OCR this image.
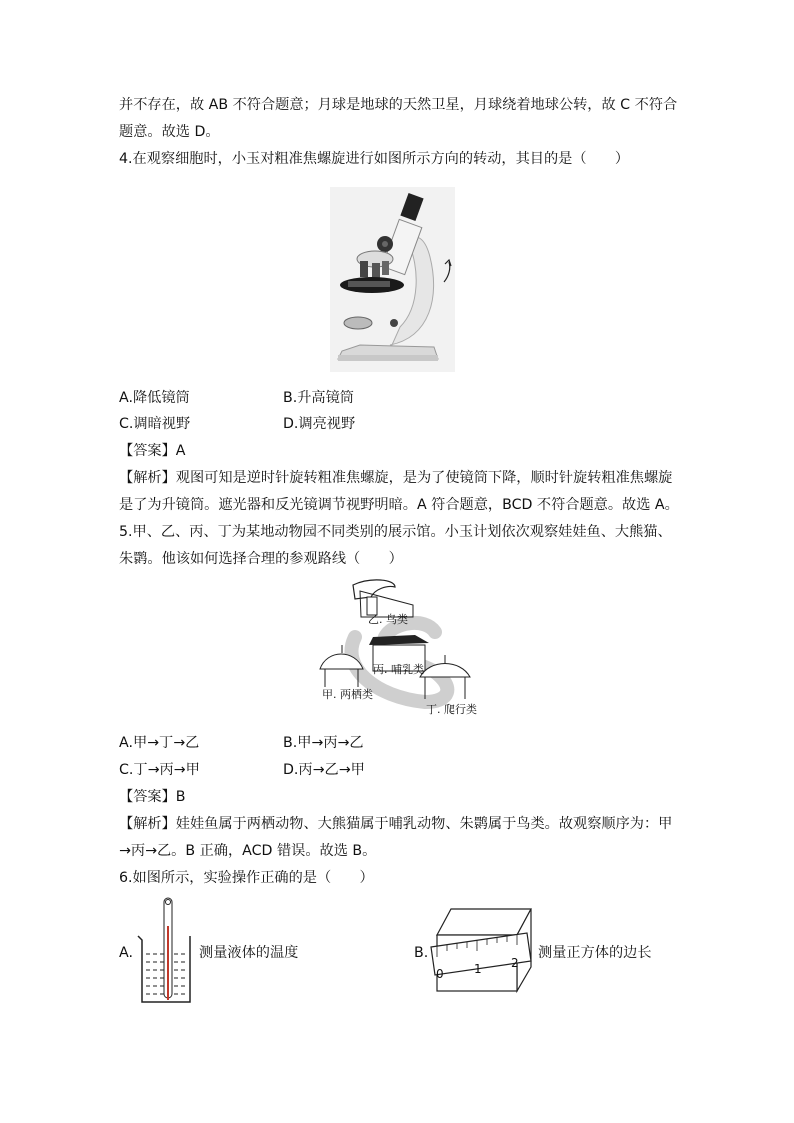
并不存在，故 AB 不符合题意；月球是地球的天然卫星，月球绕着地球公转，故 C 不符合
题意。故选 D。
4.在观察细胞时，小玉对粗准焦螺旋进行如图所示方向的转动，其目的是（　　）
A.降低镜筒	B.升高镜筒
C.调暗视野	D.调亮视野
【答案】A
【解析】观图可知是逆时针旋转粗准焦螺旋，是为了使镜筒下降，顺时针旋转粗准焦螺旋
是了为升镜筒。遮光器和反光镜调节视野明暗。A 符合题意，BCD 不符合题意。故选 A。
5.甲、乙、丙、丁为某地动物园不同类别的展示馆。小玉计划依次观察娃娃鱼、大熊猫、
朱鹮。他该如何选择合理的参观路线（　　）
乙. 鸟类
丙. 哺乳类
甲. 两栖类
丁. 爬行类
A.甲→丁→乙	B.甲→丙→乙
C.丁→丙→甲	D.丙→乙→甲
【答案】B
【解析】娃娃鱼属于两栖动物、大熊猫属于哺乳动物、朱鹮属于鸟类。故观察顺序为：甲
→丙→乙。B 正确，ACD 错误。故选 B。
6.如图所示，实验操作正确的是（　　）
A.	测量液体的温度	B.
0	1 2
测量正方体的边长
